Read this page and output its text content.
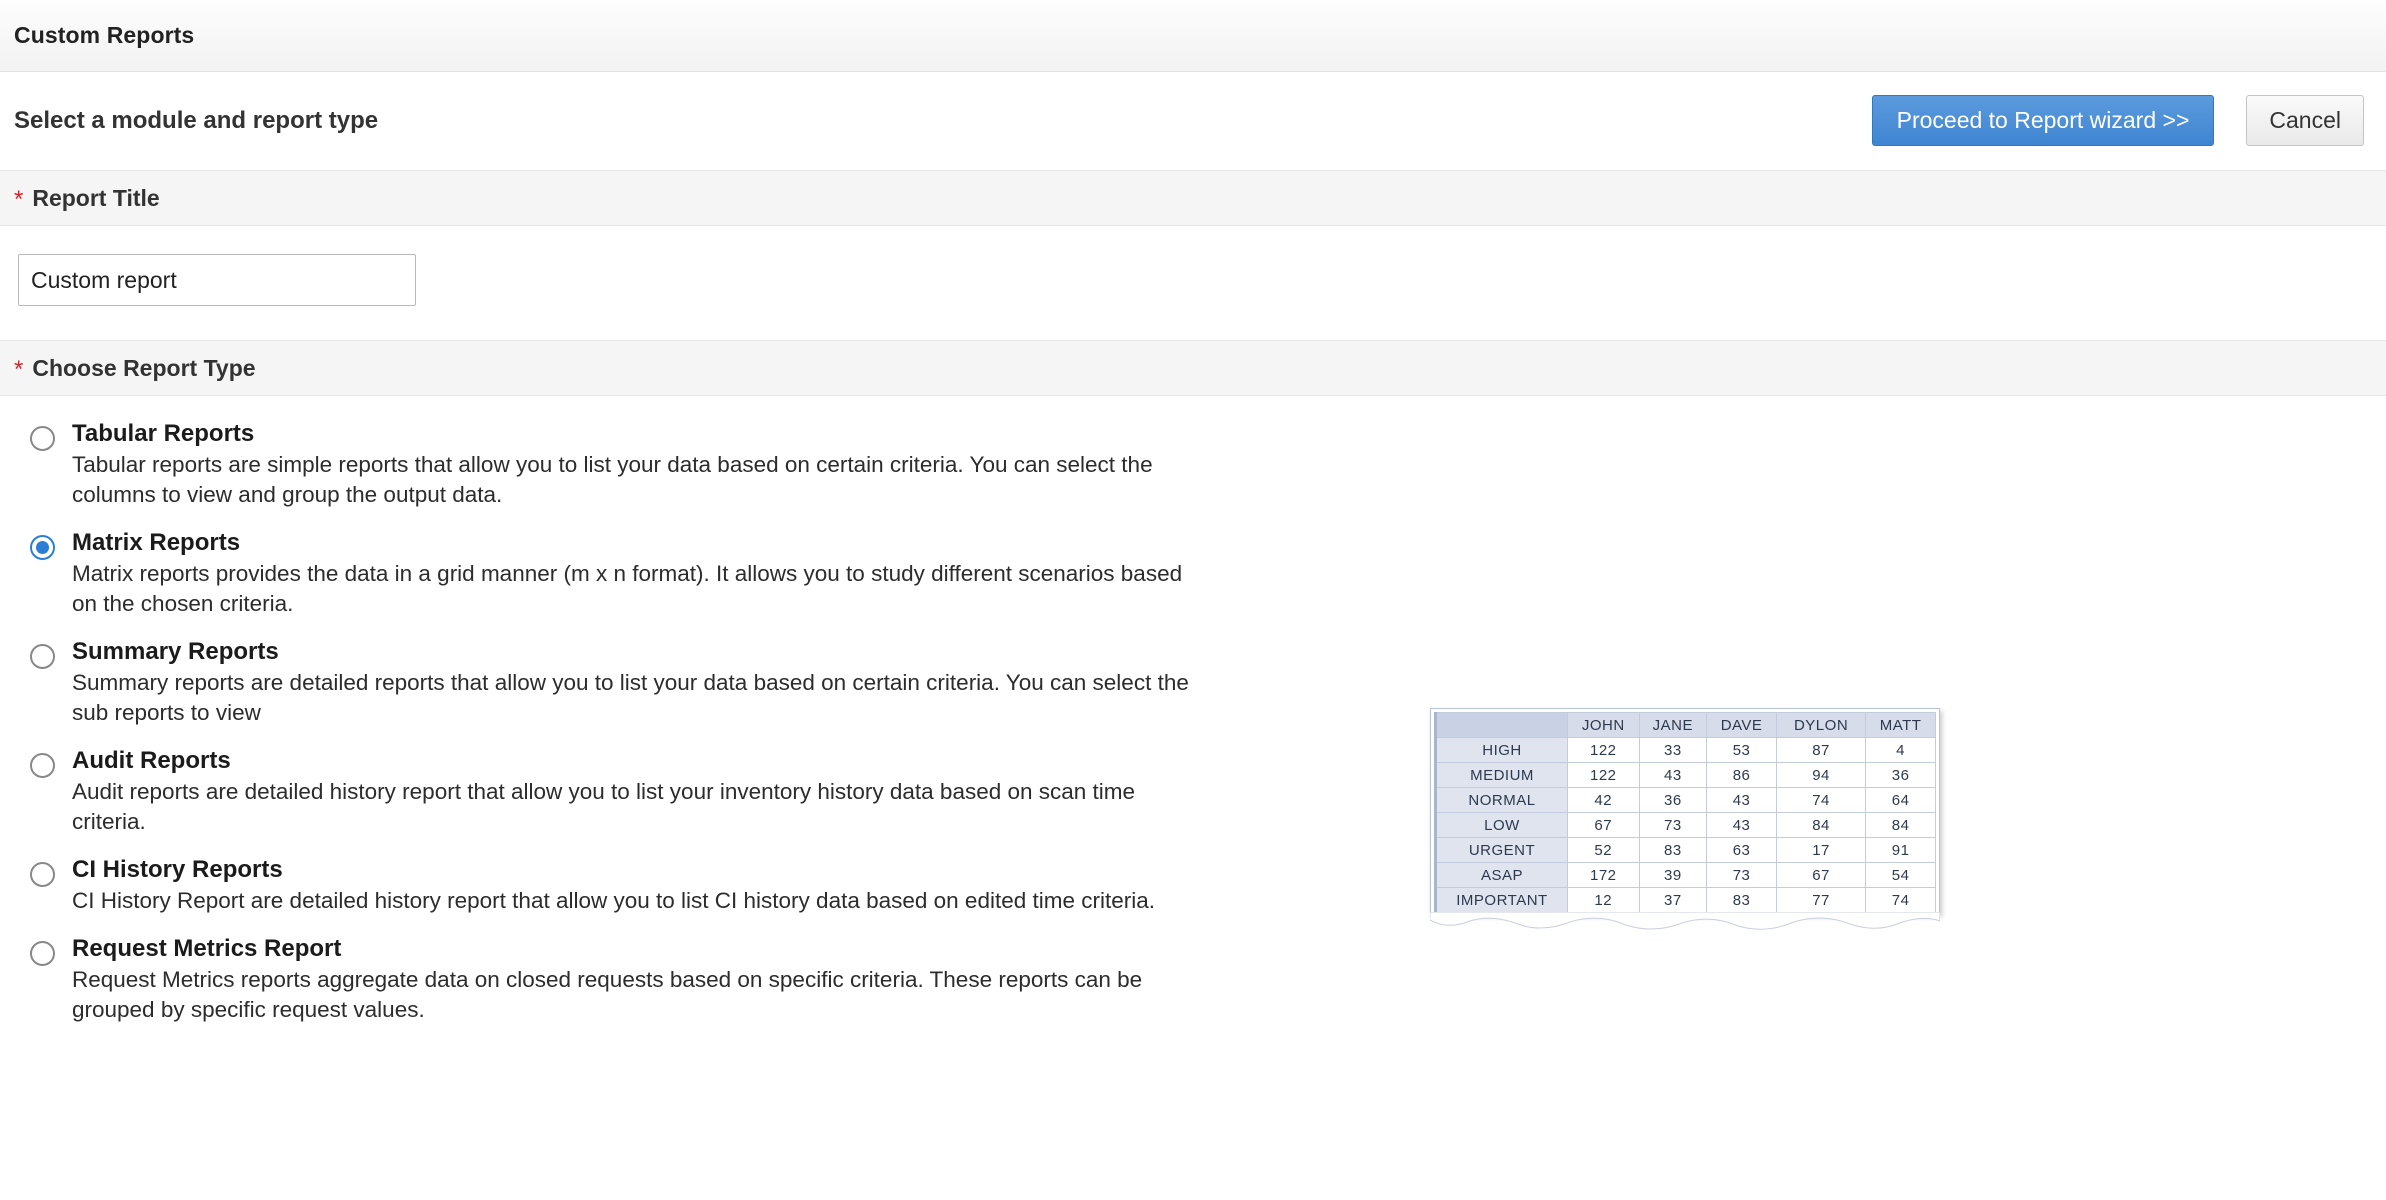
Custom Reports
Select a module and report type	Proceed to Report wizard >>	Cancel
* Report Title
Custom report
* Choose Report Type
Tabular Reports

Tabular reports are simple reports that allow you to list your data based on certain criteria. You can select the columns to view and group the output data.

Matrix Reports

Matrix reports provides the data in a grid manner (m x n format). It allows you to study different scenarios based on the chosen criteria.

Summary Reports

Summary reports are detailed reports that allow you to list your data based on certain criteria. You can select the sub reports to view

Audit Reports

Audit reports are detailed history report that allow you to list your inventory history data based on scan time criteria.

CI History Reports

CI History Report are detailed history report that allow you to list CI history data based on edited time criteria.

Request Metrics Report

Request Metrics reports aggregate data on closed requests based on specific criteria. These reports can be grouped by specific request values.

	JOHN	JANE	DAVE	DYLON	MATT
HIGH	122	33	53	87	4
MEDIUM	122	43	86	94	36
NORMAL	42	36	43	74	64
LOW	67	73	43	84	84
URGENT	52	83	63	17	91
ASAP	172	39	73	67	54
IMPORTANT	12	37	83	77	74
